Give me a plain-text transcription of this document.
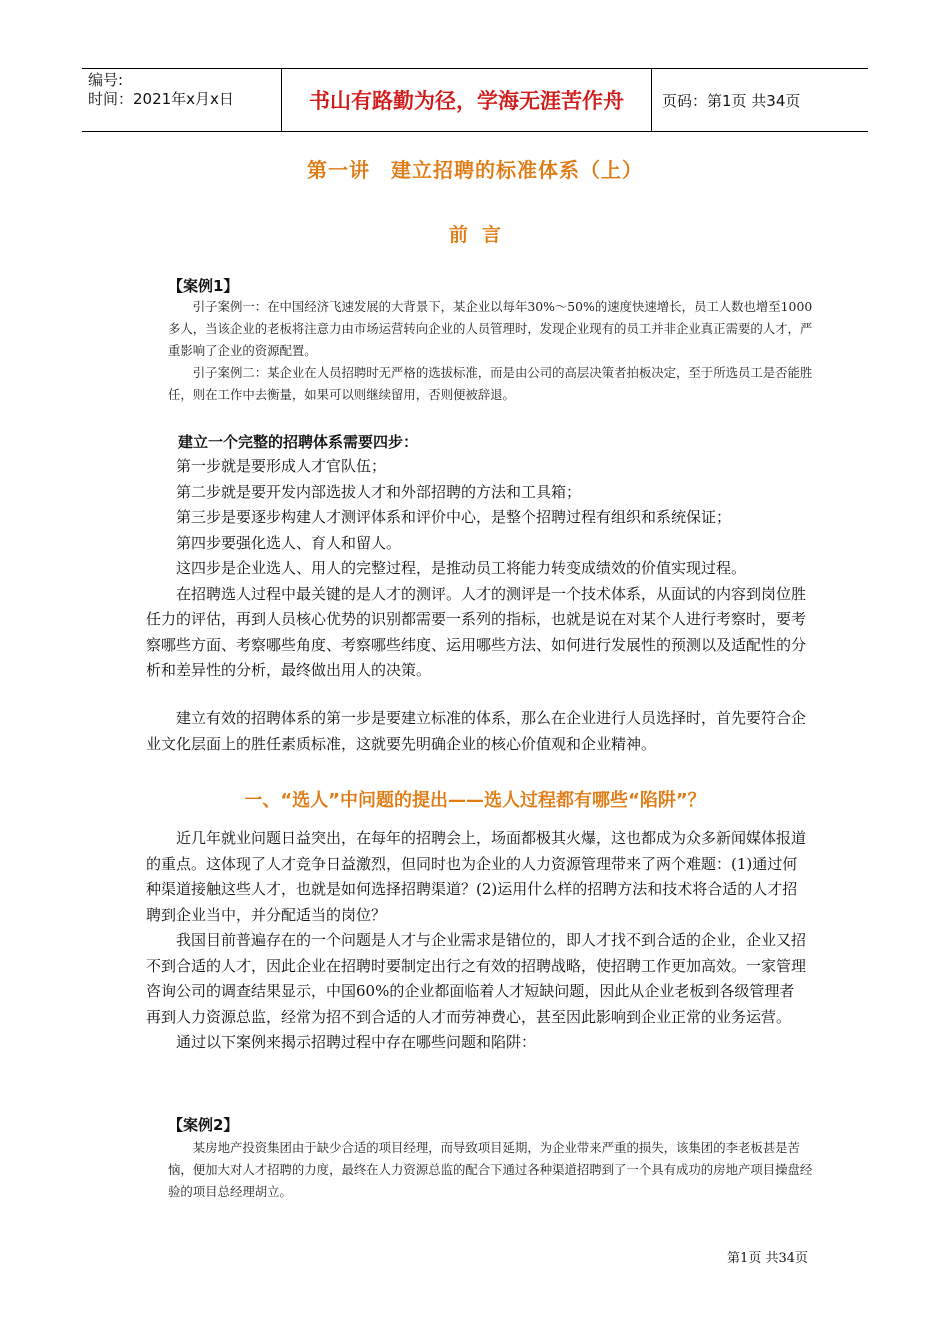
编号:
时间：2021年x月x日	书山有路勤为径，学海无涯苦作舟	页码：第1页 共34页
第一讲　建立招聘的标准体系（上）
前言
【案例1】

引子案例一：在中国经济飞速发展的大背景下，某企业以每年30%～50%的速度快速增长，员工人数也增至1000多人，当该企业的老板将注意力由市场运营转向企业的人员管理时，发现企业现有的员工并非企业真正需要的人才，严重影响了企业的资源配置。

引子案例二：某企业在人员招聘时无严格的选拔标准，而是由公司的高层决策者拍板决定，至于所选员工是否能胜任，则在工作中去衡量，如果可以则继续留用，否则便被辞退。

建立一个完整的招聘体系需要四步：

第一步就是要形成人才官队伍；

第二步就是要开发内部选拔人才和外部招聘的方法和工具箱；

第三步是要逐步构建人才测评体系和评价中心，是整个招聘过程有组织和系统保证；

第四步要强化选人、育人和留人。

这四步是企业选人、用人的完整过程，是推动员工将能力转变成绩效的价值实现过程。

在招聘选人过程中最关键的是人才的测评。人才的测评是一个技术体系，从面试的内容到岗位胜任力的评估，再到人员核心优势的识别都需要一系列的指标，也就是说在对某个人进行考察时，要考察哪些方面、考察哪些角度、考察哪些纬度、运用哪些方法、如何进行发展性的预测以及适配性的分析和差异性的分析，最终做出用人的决策。

建立有效的招聘体系的第一步是要建立标准的体系，那么在企业进行人员选择时，首先要符合企业文化层面上的胜任素质标准，这就要先明确企业的核心价值观和企业精神。

一、“选人”中问题的提出——选人过程都有哪些“陷阱”？

近几年就业问题日益突出，在每年的招聘会上，场面都极其火爆，这也都成为众多新闻媒体报道的重点。这体现了人才竞争日益激烈，但同时也为企业的人力资源管理带来了两个难题：(1)通过何种渠道接触这些人才，也就是如何选择招聘渠道？(2)运用什么样的招聘方法和技术将合适的人才招聘到企业当中，并分配适当的岗位？

我国目前普遍存在的一个问题是人才与企业需求是错位的，即人才找不到合适的企业，企业又招不到合适的人才，因此企业在招聘时要制定出行之有效的招聘战略，使招聘工作更加高效。一家管理咨询公司的调查结果显示，中国60%的企业都面临着人才短缺问题，因此从企业老板到各级管理者再到人力资源总监，经常为招不到合适的人才而劳神费心，甚至因此影响到企业正常的业务运营。

通过以下案例来揭示招聘过程中存在哪些问题和陷阱：

【案例2】

某房地产投资集团由于缺少合适的项目经理，而导致项目延期，为企业带来严重的损失，该集团的李老板甚是苦恼，便加大对人才招聘的力度，最终在人力资源总监的配合下通过各种渠道招聘到了一个具有成功的房地产项目操盘经验的项目总经理胡立。

第1页 共34页
